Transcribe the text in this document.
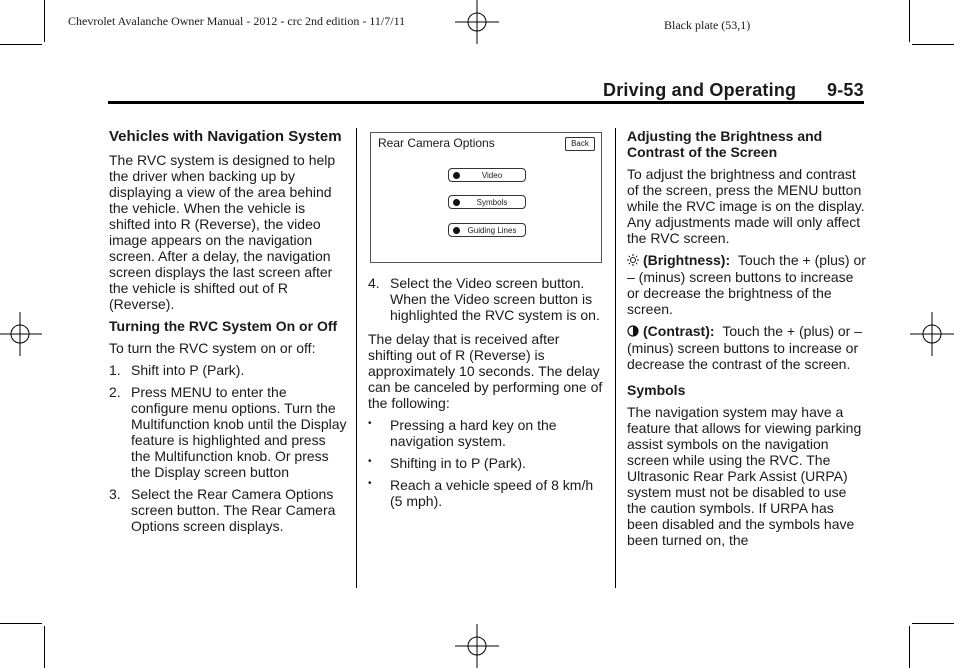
Chevrolet Avalanche Owner Manual - 2012 - crc 2nd edition - 11/7/11	Black plate (53,1)
Driving and Operating 9-53
Vehicles with Navigation System

The RVC system is designed to help the driver when backing up by displaying a view of the area behind the vehicle. When the vehicle is shifted into R (Reverse), the video image appears on the navigation screen. After a delay, the navigation screen displays the last screen after the vehicle is shifted out of R (Reverse).

Turning the RVC System On or Off

To turn the RVC system on or off:

1. Shift into P (Park).
2. Press MENU to enter the configure menu options. Turn the Multifunction knob until the Display feature is highlighted and press the Multifunction knob. Or press the Display screen button
3. Select the Rear Camera Options screen button. The Rear Camera Options screen displays.
Rear Camera Options	Back
Video
Symbols
Guiding Lines
4. Select the Video screen button. When the Video screen button is highlighted the RVC system is on.

The delay that is received after shifting out of R (Reverse) is approximately 10 seconds. The delay can be canceled by performing one of the following:

•	Pressing a hard key on the navigation system.
•	Shifting in to P (Park).
•	Reach a vehicle speed of 8 km/h (5 mph).
Adjusting the Brightness and Contrast of the Screen

To adjust the brightness and contrast of the screen, press the MENU button while the RVC image is on the display. Any adjustments made will only affect the RVC screen.

(Brightness): Touch the + (plus) or – (minus) screen buttons to increase or decrease the brightness of the screen.

(Contrast): Touch the + (plus) or – (minus) screen buttons to increase or decrease the contrast of the screen.

Symbols

The navigation system may have a feature that allows for viewing parking assist symbols on the navigation screen while using the RVC. The Ultrasonic Rear Park Assist (URPA) system must not be disabled to use the caution symbols. If URPA has been disabled and the symbols have been turned on, the
